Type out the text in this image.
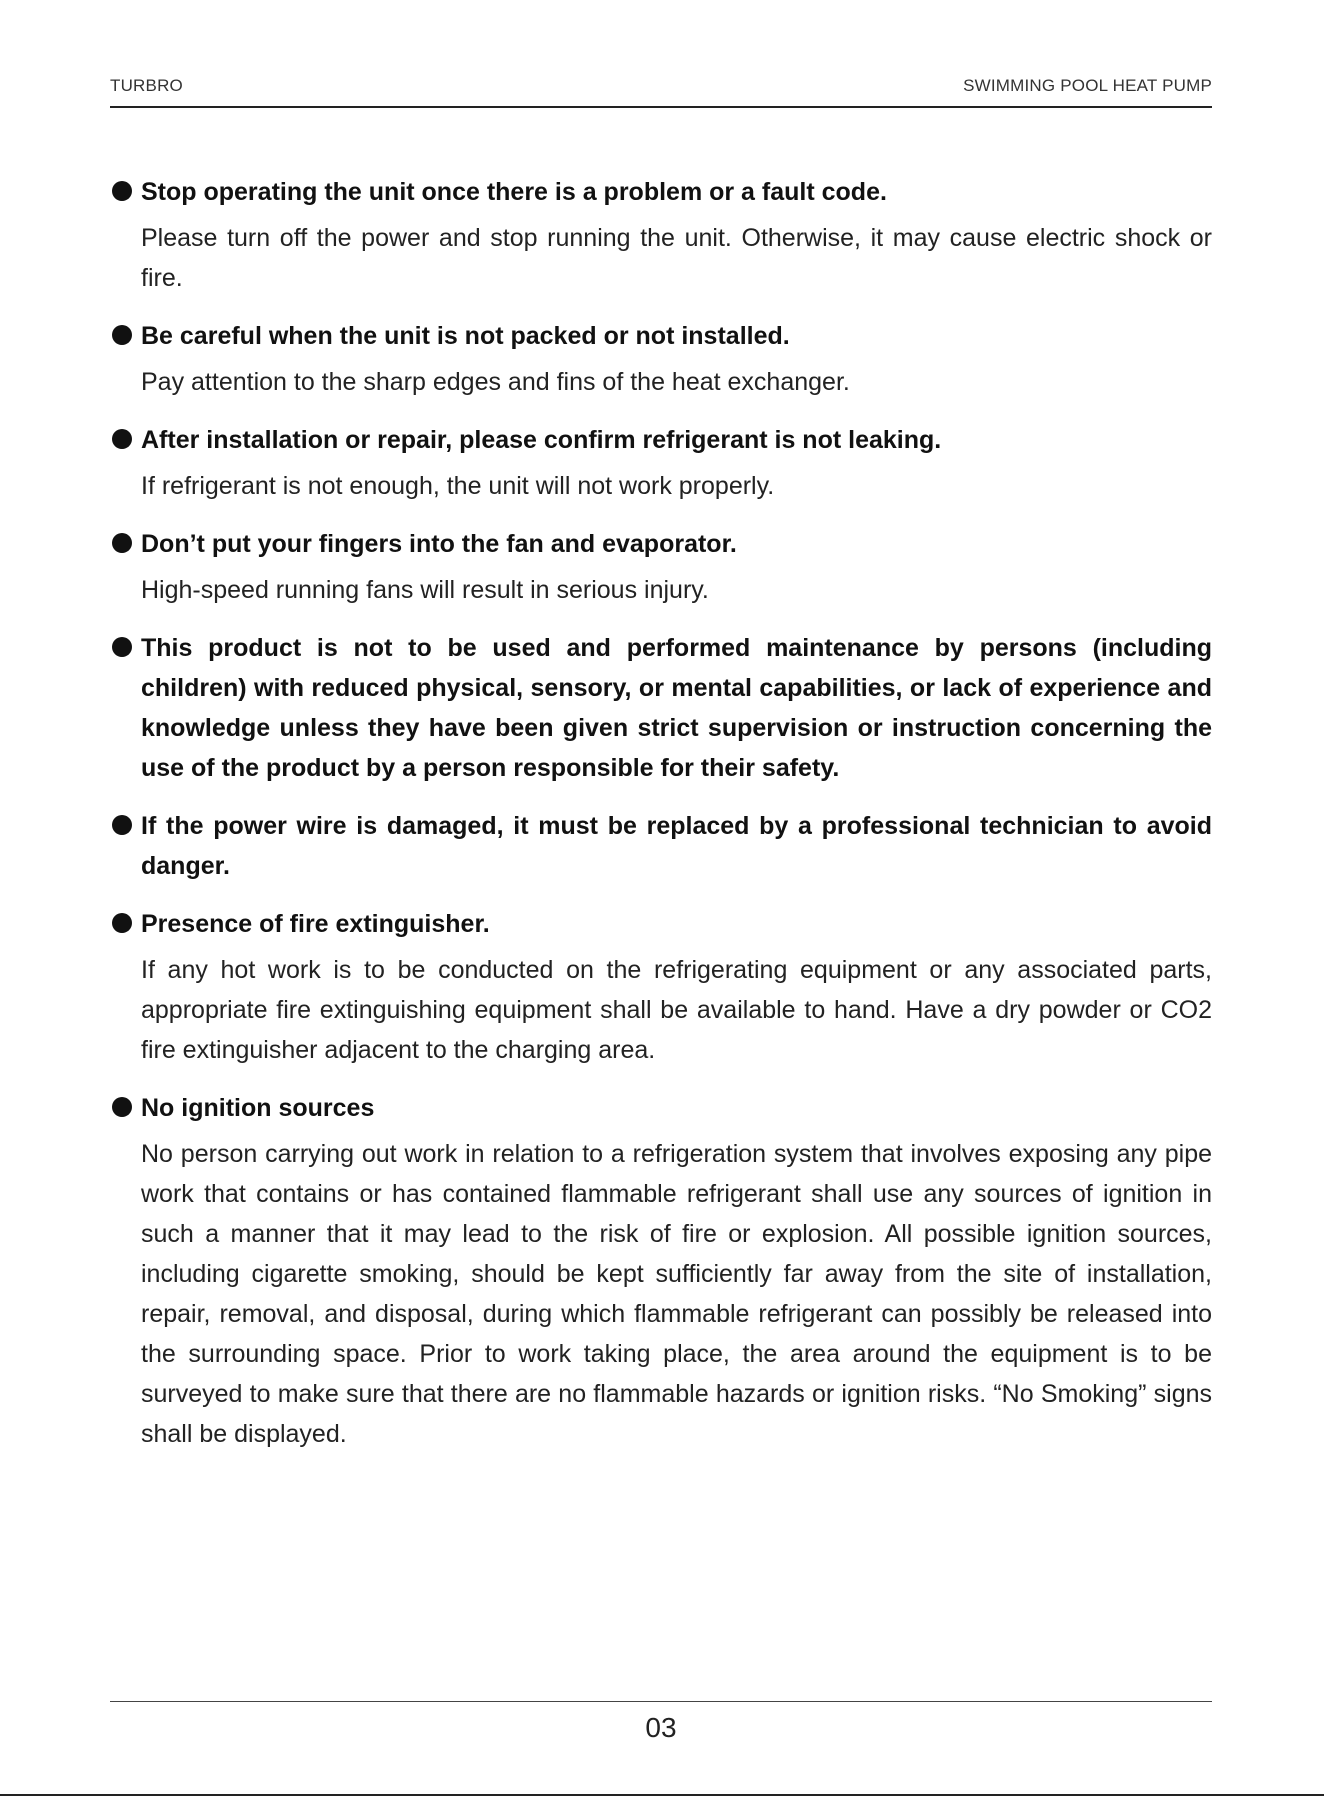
TURBRO	SWIMMING POOL HEAT PUMP
Stop operating the unit once there is a problem or a fault code.
Please turn off the power and stop running the unit. Otherwise, it may cause electric shock or fire.
Be careful when the unit is not packed or not installed.
Pay attention to the sharp edges and fins of the heat exchanger.
After installation or repair, please confirm refrigerant is not leaking.
If refrigerant is not enough, the unit will not work properly.
Don’t put your fingers into the fan and evaporator.
High-speed running fans will result in serious injury.
This product is not to be used and performed maintenance by persons (including children) with reduced physical, sensory, or mental capabilities, or lack of experience and knowledge unless they have been given strict supervision or instruction concerning the use of the product by a person responsible for their safety.
If the power wire is damaged, it must be replaced by a professional technician to avoid danger.
Presence of fire extinguisher.
If any hot work is to be conducted on the refrigerating equipment or any associated parts, appropriate fire extinguishing equipment shall be available to hand. Have a dry powder or CO2 fire extinguisher adjacent to the charging area.
No ignition sources
No person carrying out work in relation to a refrigeration system that involves exposing any pipe work that contains or has contained flammable refrigerant shall use any sources of ignition in such a manner that it may lead to the risk of fire or explosion. All possible ignition sources, including cigarette smoking, should be kept sufficiently far away from the site of installation, repair, removal, and disposal, during which flammable refrigerant can possibly be released into the surrounding space. Prior to work taking place, the area around the equipment is to be surveyed to make sure that there are no flammable hazards or ignition risks. “No Smoking” signs shall be displayed.
03
